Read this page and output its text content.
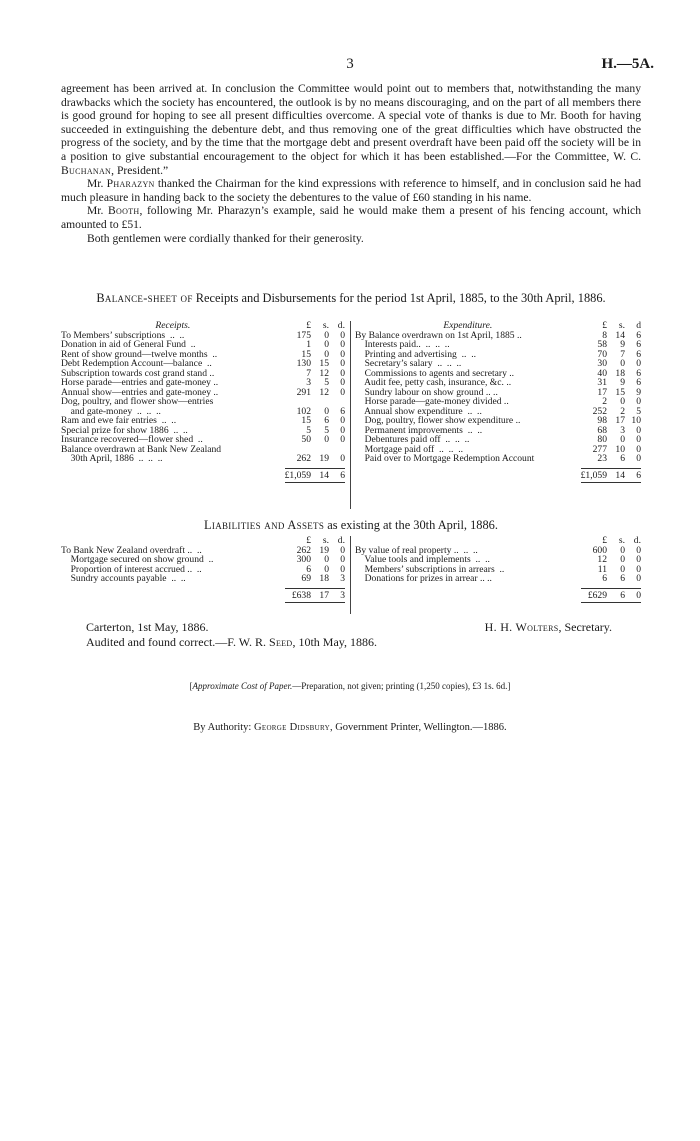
3	H.—5A.

agreement has been arrived at. In conclusion the Committee would point out to members that, notwithstanding the many drawbacks which the society has encountered, the outlook is by no means discouraging, and on the part of all members there is good ground for hoping to see all present difficulties overcome. A special vote of thanks is due to Mr. Booth for having succeeded in extinguishing the debenture debt, and thus removing one of the great difficulties which have obstructed the progress of the society, and by the time that the mortgage debt and present overdraft have been paid off the society will be in a position to give substantial encouragement to the object for which it has been established.—For the Committee, W. C. Buchanan, President.”

Mr. Pharazyn thanked the Chairman for the kind expressions with reference to himself, and in conclusion said he had much pleasure in handing back to the society the debentures to the value of £60 standing in his name.

Mr. Booth, following Mr. Pharazyn’s example, said he would make them a present of his fencing account, which amounted to £51.

Both gentlemen were cordially thanked for their generosity.

Balance-sheet of Receipts and Disbursements for the period 1st April, 1885, to the 30th April, 1886.
Receipts.	£	s.	d.
To Members’ subscriptions  ..  ..	175	0	0
Donation in aid of General Fund  ..	1	0	0
Rent of show ground—twelve months  ..	15	0	0
Debt Redemption Account—balance  ..	130	15	0
Subscription towards cost grand stand ..	7	12	0
Horse parade—entries and gate-money ..	3	5	0
Annual show—entries and gate-money ..	291	12	0
Dog, poultry, and flower show—entries			
and gate-money  ..  ..  ..	102	0	6
Ram and ewe fair entries  ..  ..	15	6	0
Special prize for show 1886  ..  ..	5	5	0
Insurance recovered—flower shed  ..	50	0	0
Balance overdrawn at Bank New Zealand			
30th April, 1886  ..  ..  ..	262	19	0

	£1,059	14	6
Expenditure.	£	s.	d
By Balance overdrawn on 1st April, 1885 ..	8	14	6
Interests paid..  ..  ..  ..	58	9	6
Printing and advertising  ..  ..	70	7	6
Secretary’s salary  ..  ..  ..	30	0	0
Commissions to agents and secretary ..	40	18	6
Audit fee, petty cash, insurance, &c. ..	31	9	6
Sundry labour on show ground .. ..	17	15	9
Horse parade—gate-money divided ..	2	0	0
Annual show expenditure  ..  ..	252	2	5
Dog, poultry, flower show expenditure ..	98	17	10
Permanent improvements  ..  ..	68	3	0
Debentures paid off  ..  ..  ..	80	0	0
Mortgage paid off  ..  ..  ..	277	10	0
Paid over to Mortgage Redemption Account	23	6	0

	£1,059	14	6
Liabilities and Assets as existing at the 30th April, 1886.
	£	s.	d.
To Bank New Zealand overdraft ..  ..	262	19	0
Mortgage secured on show ground  ..	300	0	0
Proportion of interest accrued ..  ..	6	0	0
Sundry accounts payable  ..  ..	69	18	3

	£638	17	3
	£	s.	d.
By value of real property ..  ..  ..	600	0	0
Value tools and implements  ..  ..	12	0	0
Members’ subscriptions in arrears  ..	11	0	0
Donations for prizes in arrear .. ..	6	6	0

	£629	6	0
Carterton, 1st May, 1886.	H. H. Wolters, Secretary.
Audited and found correct.—F. W. R. Seed, 10th May, 1886.
[Approximate Cost of Paper.—Preparation, not given; printing (1,250 copies), £3 1s. 6d.]
By Authority: George Didsbury, Government Printer, Wellington.—1886.
